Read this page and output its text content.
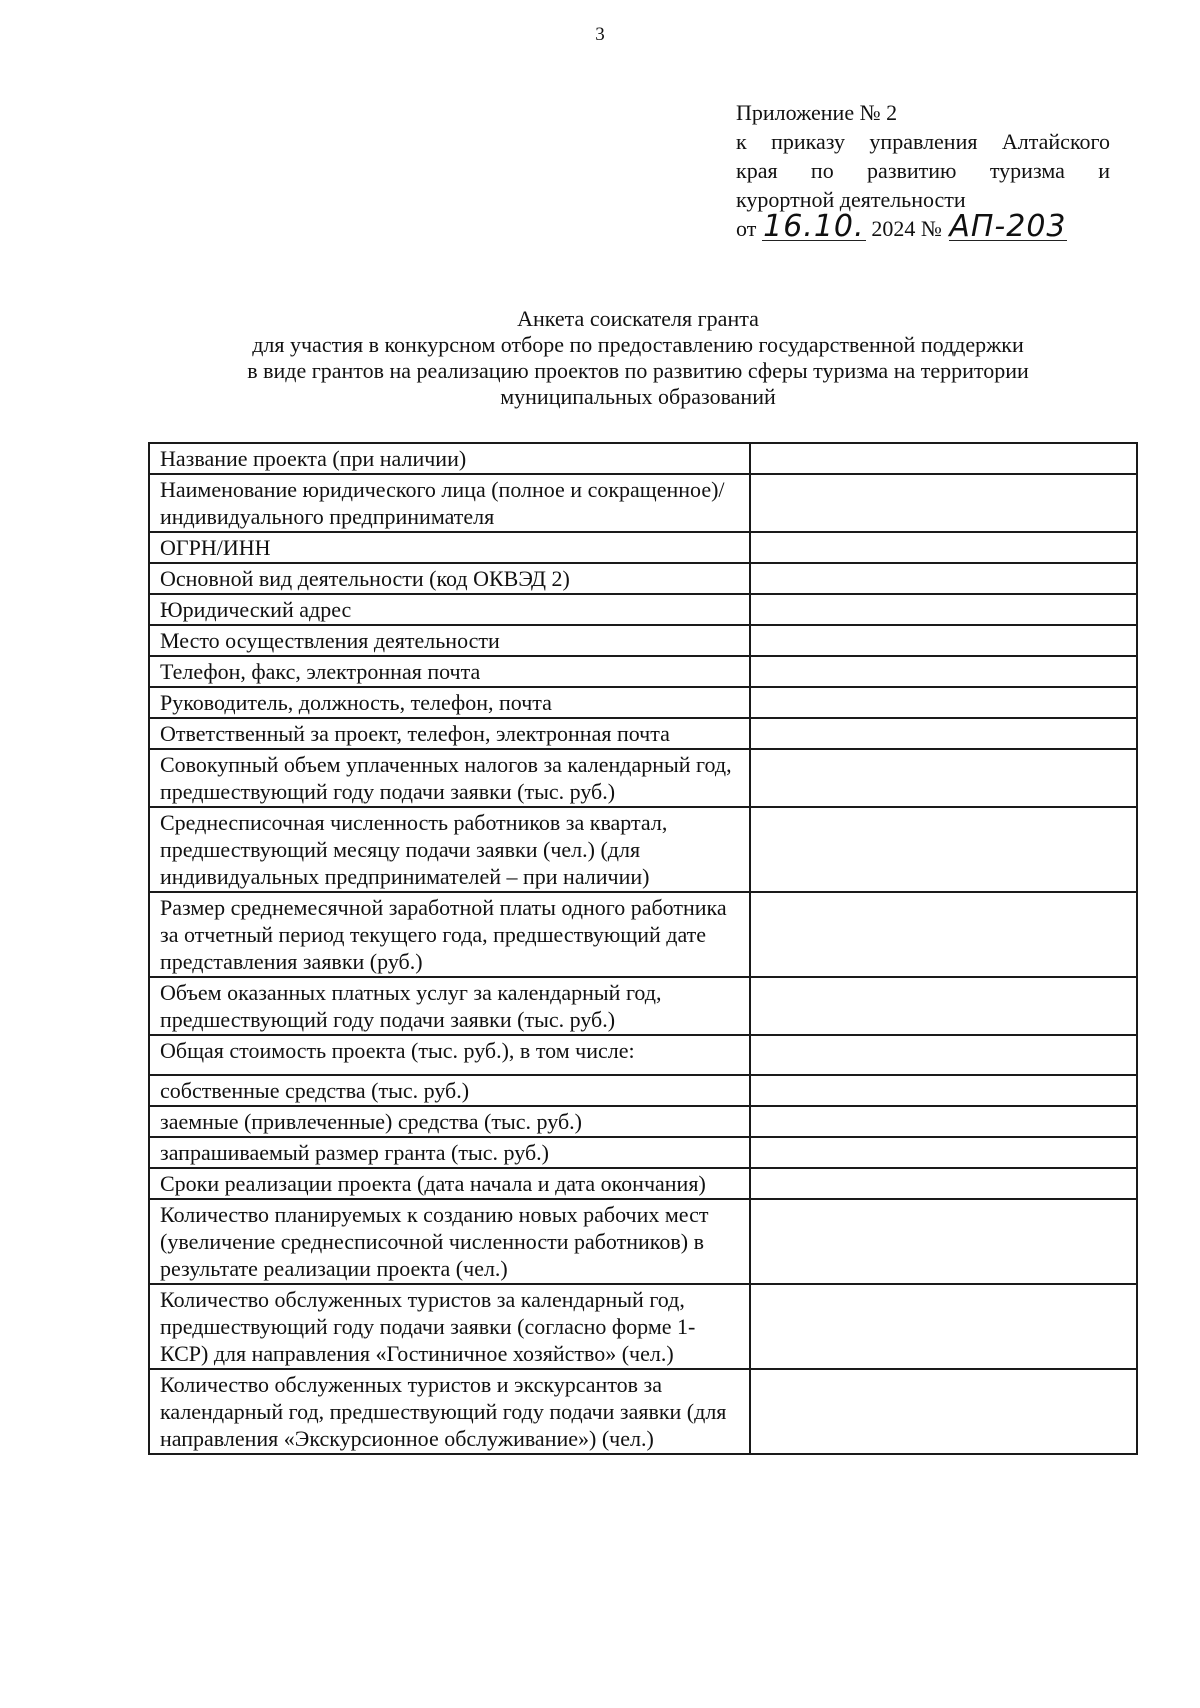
3
Приложение № 2
к приказу управления Алтайского
края по развитию туризма и
курортной деятельности
от 16.10. 2024 № АП-203
Анкета соискателя гранта
для участия в конкурсном отборе по предоставлению государственной поддержки
в виде грантов на реализацию проектов по развитию сферы туризма на территории
муниципальных образований
Название проекта (при наличии)	
Наименование юридического лица (полное и сокращенное)/индивидуального предпринимателя	
ОГРН/ИНН	
Основной вид деятельности (код ОКВЭД 2)	
Юридический адрес	
Место осуществления деятельности	
Телефон, факс, электронная почта	
Руководитель, должность, телефон, почта	
Ответственный за проект, телефон, электронная почта	
Совокупный объем уплаченных налогов за календарный год, предшествующий году подачи заявки (тыс. руб.)	
Среднесписочная численность работников за квартал, предшествующий месяцу подачи заявки (чел.) (для индивидуальных предпринимателей – при наличии)	
Размер среднемесячной заработной платы одного работника за отчетный период текущего года, предшествующий дате представления заявки (руб.)	
Объем оказанных платных услуг за календарный год, предшествующий году подачи заявки (тыс. руб.)	
Общая стоимость проекта (тыс. руб.), в том числе:	
собственные средства (тыс. руб.)	
заемные (привлеченные) средства (тыс. руб.)	
запрашиваемый размер гранта (тыс. руб.)	
Сроки реализации проекта (дата начала и дата окончания)	
Количество планируемых к созданию новых рабочих мест (увеличение среднесписочной численности работников) в результате реализации проекта (чел.)	
Количество обслуженных туристов за календарный год, предшествующий году подачи заявки (согласно форме 1-КСР) для направления «Гостиничное хозяйство» (чел.)	
Количество обслуженных туристов и экскурсантов за календарный год, предшествующий году подачи заявки (для направления «Экскурсионное обслуживание») (чел.)	
